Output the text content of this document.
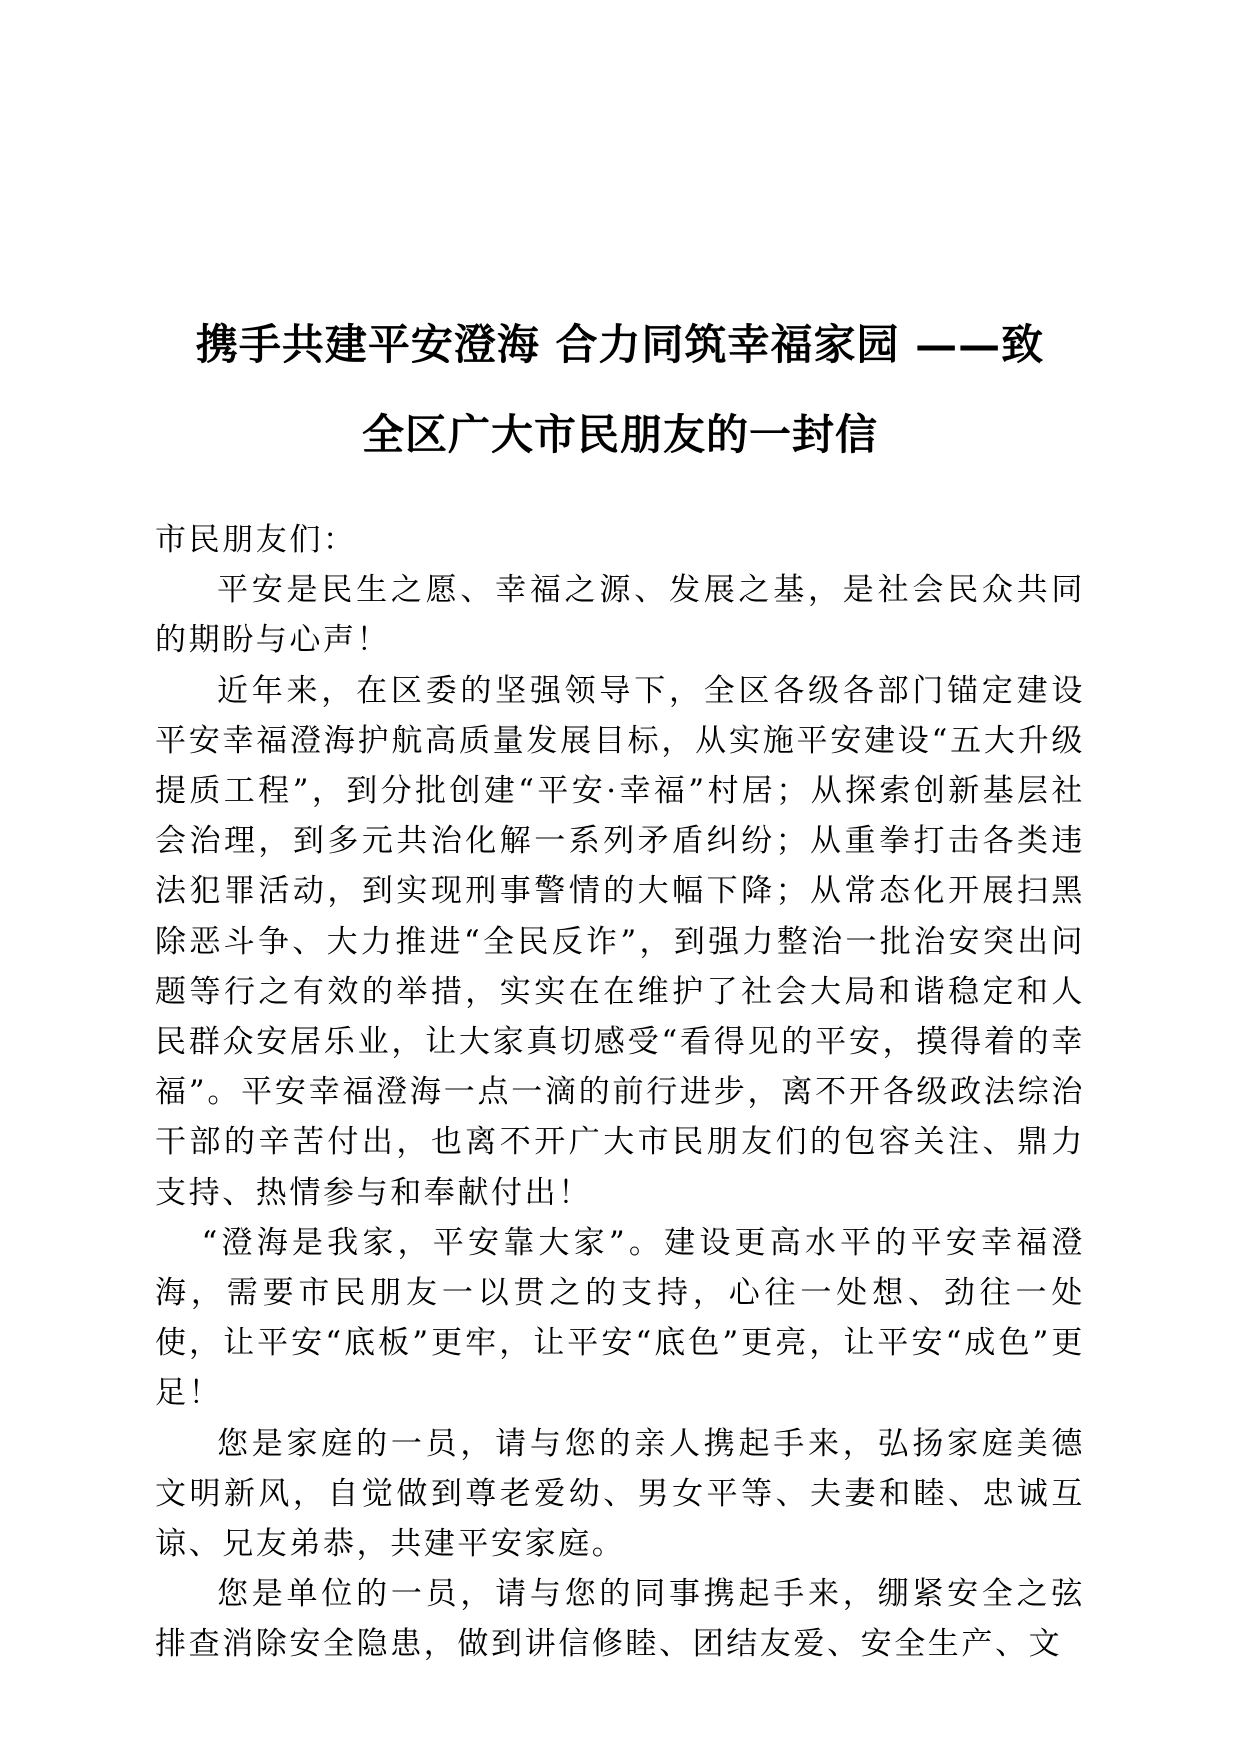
携手共建平安澄海 合力同筑幸福家园 ——致
全区广大市民朋友的一封信

市民朋友们：

平安是民生之愿、幸福之源、发展之基，是社会民众共同的期盼与心声！

近年来，在区委的坚强领导下，全区各级各部门锚定建设平安幸福澄海护航高质量发展目标，从实施平安建设“五大升级提质工程”，到分批创建“平安·幸福”村居；从探索创新基层社会治理，到多元共治化解一系列矛盾纠纷；从重拳打击各类违法犯罪活动，到实现刑事警情的大幅下降；从常态化开展扫黑除恶斗争、大力推进“全民反诈”，到强力整治一批治安突出问题等行之有效的举措，实实在在维护了社会大局和谐稳定和人民群众安居乐业，让大家真切感受“看得见的平安，摸得着的幸福”。平安幸福澄海一点一滴的前行进步，离不开各级政法综治干部的辛苦付出，也离不开广大市民朋友们的包容关注、鼎力支持、热情参与和奉献付出！

“澄海是我家，平安靠大家”。建设更高水平的平安幸福澄海，需要市民朋友一以贯之的支持，心往一处想、劲往一处使，让平安“底板”更牢，让平安“底色”更亮，让平安“成色”更足！

您是家庭的一员，请与您的亲人携起手来，弘扬家庭美德文明新风，自觉做到尊老爱幼、男女平等、夫妻和睦、忠诚互谅、兄友弟恭，共建平安家庭。

您是单位的一员，请与您的同事携起手来，绷紧安全之弦排查消除安全隐患，做到讲信修睦、团结友爱、安全生产、文
